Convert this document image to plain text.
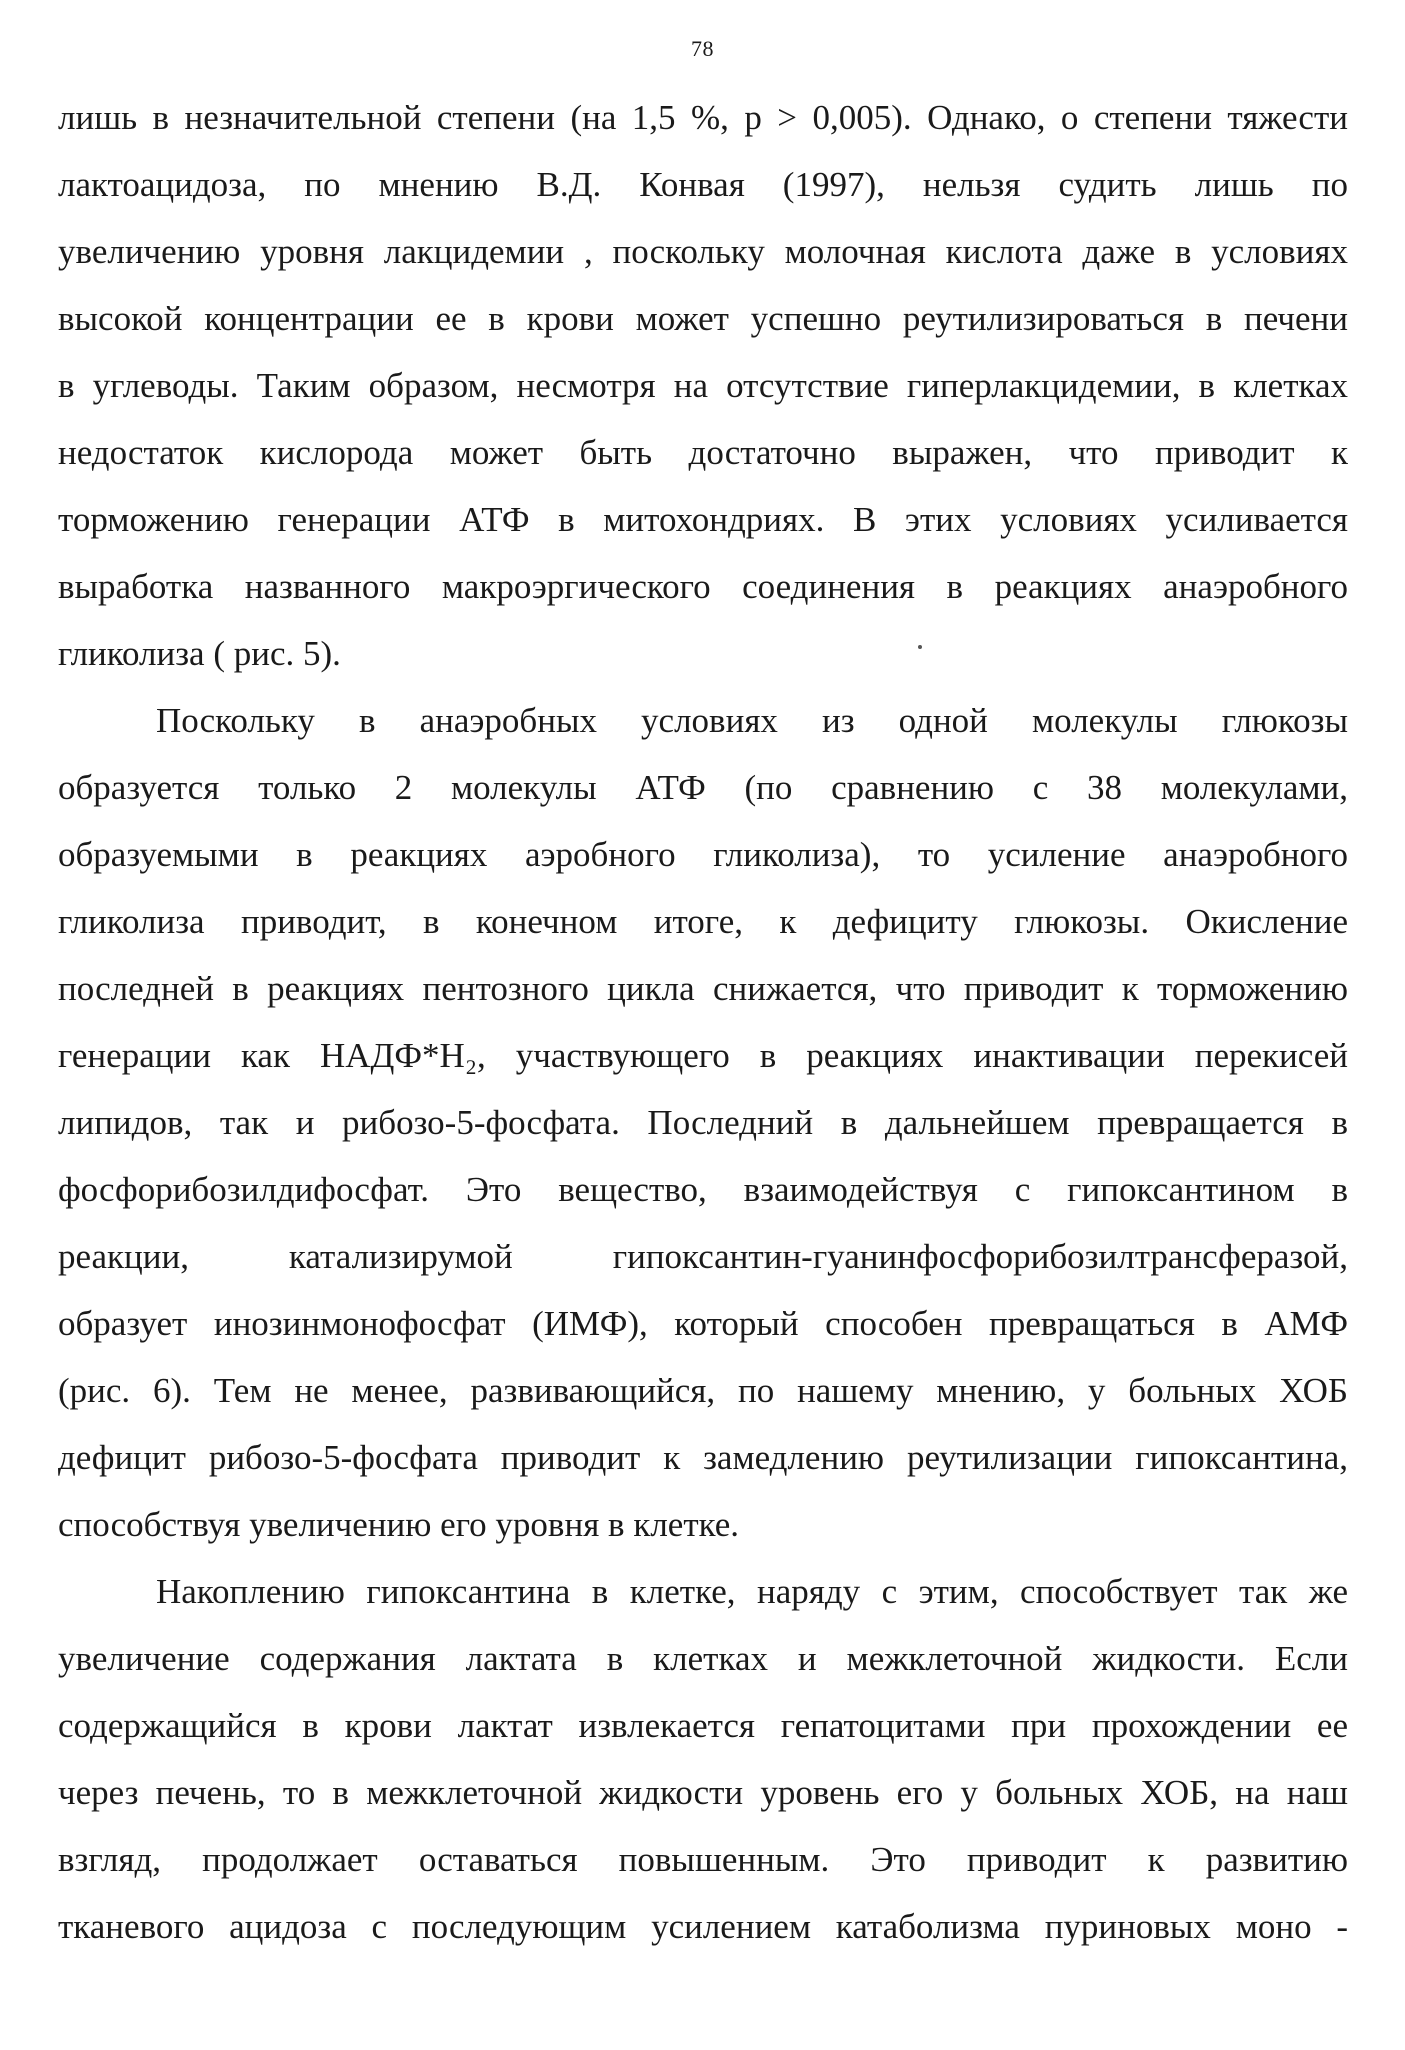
78
лишь в незначительной степени (на 1,5 %, р > 0,005). Однако, о степени тяжести
лактоацидоза, по мнению В.Д. Конвая (1997), нельзя судить лишь по
увеличению уровня лакцидемии , поскольку молочная кислота даже в условиях
высокой концентрации ее в крови может успешно реутилизироваться в печени
в углеводы. Таким образом, несмотря на отсутствие гиперлакцидемии, в клетках
недостаток кислорода может быть достаточно выражен, что приводит к
торможению генерации АТФ в митохондриях. В этих условиях усиливается
выработка названного макроэргического соединения в реакциях анаэробного
гликолиза ( рис. 5).
Поскольку в анаэробных условиях из одной молекулы глюкозы
образуется только 2 молекулы АТФ (по сравнению с 38 молекулами,
образуемыми в реакциях аэробного гликолиза), то усиление анаэробного
гликолиза приводит, в конечном итоге, к дефициту глюкозы. Окисление
последней в реакциях пентозного цикла снижается, что приводит к торможению
генерации как НАДФ*Н₂, участвующего в реакциях инактивации перекисей
липидов, так и рибозо-5-фосфата. Последний в дальнейшем превращается в
фосфорибозилдифосфат. Это вещество, взаимодействуя с гипоксантином в
реакции, катализирумой гипоксантин-гуанинфосфорибозилтрансферазой,
образует инозинмонофосфат (ИМФ), который способен превращаться в АМФ
(рис. 6). Тем не менее, развивающийся, по нашему мнению, у больных ХОБ
дефицит рибозо-5-фосфата приводит к замедлению реутилизации гипоксантина,
способствуя увеличению его уровня в клетке.
Накоплению гипоксантина в клетке, наряду с этим, способствует так же
увеличение содержания лактата в клетках и межклеточной жидкости. Если
содержащийся в крови лактат извлекается гепатоцитами при прохождении ее
через печень, то в межклеточной жидкости уровень его у больных ХОБ, на наш
взгляд, продолжает оставаться повышенным. Это приводит к развитию
тканевого ацидоза с последующим усилением катаболизма пуриновых моно -
